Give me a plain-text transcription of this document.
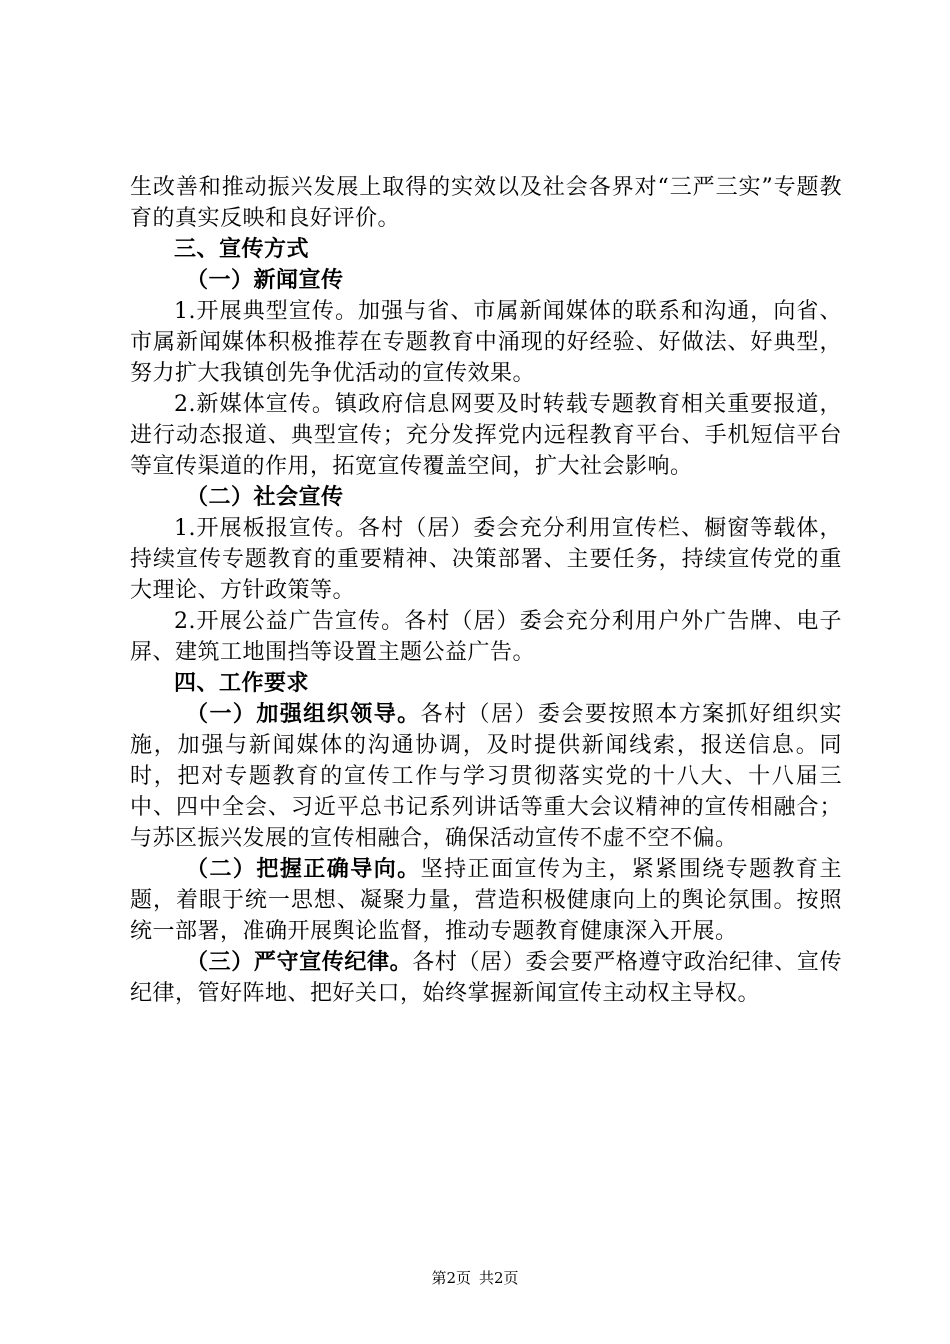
生改善和推动振兴发展上取得的实效以及社会各界对“三严三实”专题教育的真实反映和良好评价。

三、宣传方式

（一）新闻宣传

1.开展典型宣传。加强与省、市属新闻媒体的联系和沟通，向省、市属新闻媒体积极推荐在专题教育中涌现的好经验、好做法、好典型，努力扩大我镇创先争优活动的宣传效果。

2.新媒体宣传。镇政府信息网要及时转载专题教育相关重要报道，进行动态报道、典型宣传；充分发挥党内远程教育平台、手机短信平台等宣传渠道的作用，拓宽宣传覆盖空间，扩大社会影响。

（二）社会宣传

1.开展板报宣传。各村（居）委会充分利用宣传栏、橱窗等载体，持续宣传专题教育的重要精神、决策部署、主要任务，持续宣传党的重大理论、方针政策等。

2.开展公益广告宣传。各村（居）委会充分利用户外广告牌、电子屏、建筑工地围挡等设置主题公益广告。

四、工作要求

（一）加强组织领导。各村（居）委会要按照本方案抓好组织实施，加强与新闻媒体的沟通协调，及时提供新闻线索，报送信息。同时，把对专题教育的宣传工作与学习贯彻落实党的十八大、十八届三中、四中全会、习近平总书记系列讲话等重大会议精神的宣传相融合；与苏区振兴发展的宣传相融合，确保活动宣传不虚不空不偏。

（二）把握正确导向。坚持正面宣传为主，紧紧围绕专题教育主题，着眼于统一思想、凝聚力量，营造积极健康向上的舆论氛围。按照统一部署，准确开展舆论监督，推动专题教育健康深入开展。

（三）严守宣传纪律。各村（居）委会要严格遵守政治纪律、宣传纪律，管好阵地、把好关口，始终掌握新闻宣传主动权主导权。

第2页 共2页
